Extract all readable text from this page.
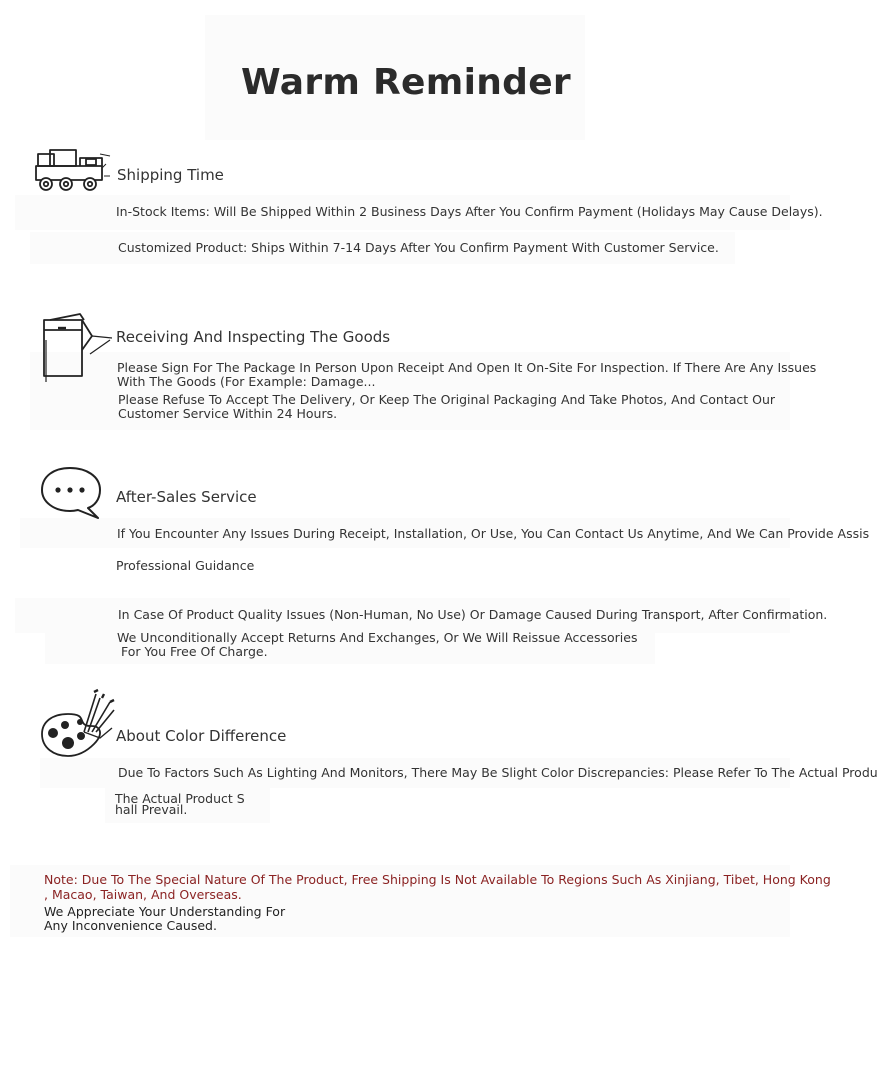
Warm Reminder
Shipping Time
In-Stock Items: Will Be Shipped Within 2 Business Days After You Confirm Payment (Holidays May Cause Delays).
Customized Product: Ships Within 7-14 Days After You Confirm Payment With Customer Service.
Receiving And Inspecting The Goods
Please Sign For The Package In Person Upon Receipt And Open It On-Site For Inspection. If There Are Any Issues
With The Goods (For Example: Damage...
Please Refuse To Accept The Delivery, Or Keep The Original Packaging And Take Photos, And Contact Our
Customer Service Within 24 Hours.
After-Sales Service
If You Encounter Any Issues During Receipt, Installation, Or Use, You Can Contact Us Anytime, And We Can Provide Assis
Professional Guidance
In Case Of Product Quality Issues (Non-Human, No Use) Or Damage Caused During Transport, After Confirmation.
We Unconditionally Accept Returns And Exchanges, Or We Will Reissue Accessories
For You Free Of Charge.
About Color Difference
Due To Factors Such As Lighting And Monitors, There May Be Slight Color Discrepancies: Please Refer To The Actual Produ
The Actual Product S
hall Prevail.
Note: Due To The Special Nature Of The Product, Free Shipping Is Not Available To Regions Such As Xinjiang, Tibet, Hong Kong
, Macao, Taiwan, And Overseas.
We Appreciate Your Understanding For
Any Inconvenience Caused.
